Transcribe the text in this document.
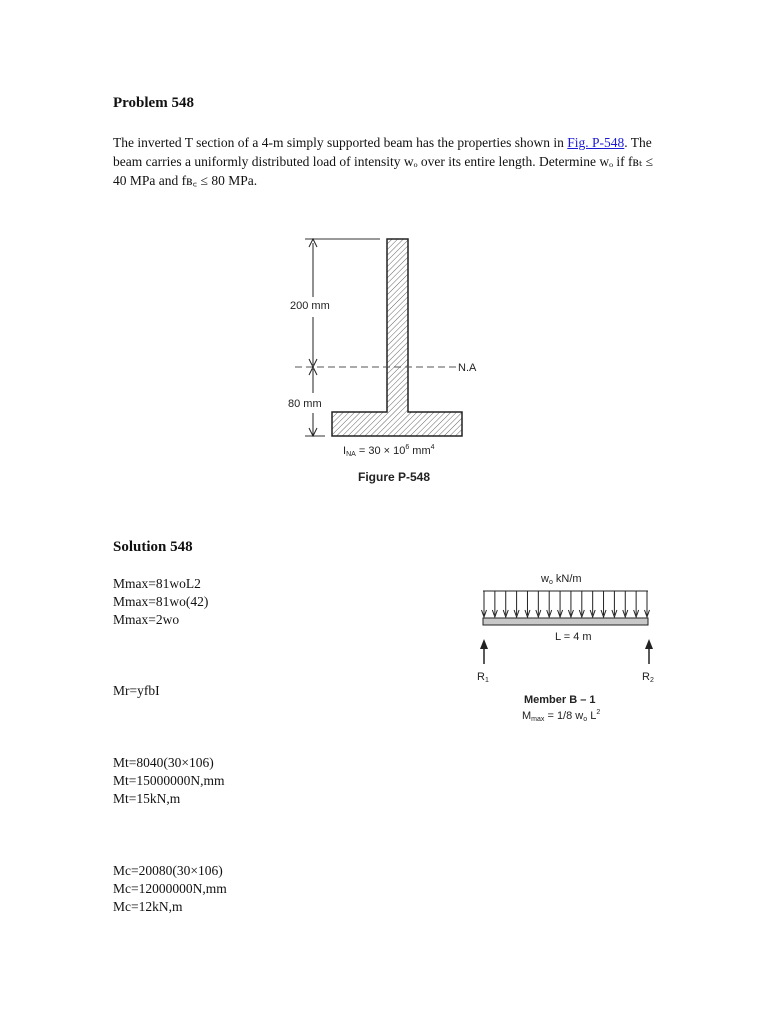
Problem 548
The inverted T section of a 4-m simply supported beam has the properties shown in Fig. P-548. The beam carries a uniformly distributed load of intensity wₒ over its entire length. Determine wₒ if fʙₜ ≤ 40 MPa and fʙ꜀ ≤ 80 MPa.
200 mm
80 mm
N.A
INA = $30 \times 10^6$ $mm^4$
Figure P-548
Solution 548
Mmax=81woL2
Mmax=81wo(42)
Mmax=2wo
Mr=yfbI
Mt=8040(30×106)
Mt=15000000N,mm
Mt=15kN,m
Mc=20080(30×106)
Mc=12000000N,mm
Mc=12kN,m
wo kN/m
L = 4 m
R1	R2
Member B – 1
Mmax = 1/8 wo $L^2$
